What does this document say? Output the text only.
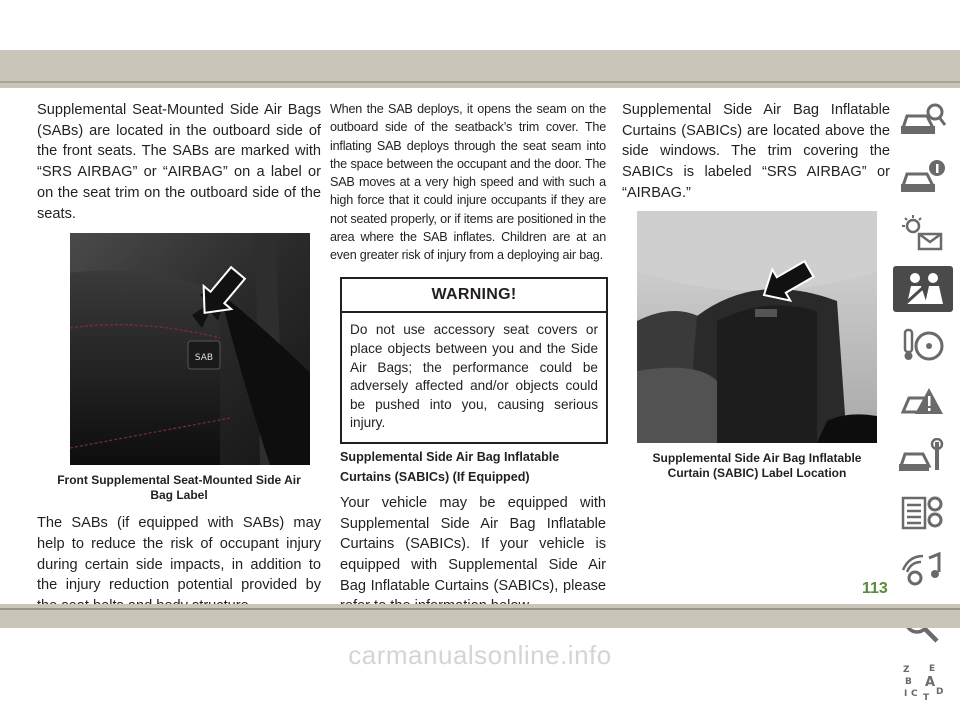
Supplemental Seat-Mounted Side Air Bags (SABs) are located in the outboard side of the front seats. The SABs are marked with “SRS AIRBAG” or “AIRBAG” on a label or on the seat trim on the outboard side of the seats.

SAB

Front Supplemental Seat-Mounted Side Air Bag Label

The SABs (if equipped with SABs) may help to reduce the risk of occupant injury during certain side impacts, in addition to the injury reduction potential provided by

When the SAB deploys, it opens the seam on the outboard side of the seatback’s trim cover. The inflating SAB deploys through the seat seam into the space between the occupant and the door. The SAB moves at a very high speed and with such a high force that it could injure occupants if they are not seated properly, or if items are positioned in the area where the SAB inflates. Children are at an even greater risk of injury from a deploying air bag.

WARNING!
Do not use accessory seat covers or place objects between you and the Side Air Bags; the performance could be adversely affected and/or objects could be pushed into you, causing serious injury.

Supplemental Side Air Bag Inflatable Curtains (SABICs) (If Equipped)

Your vehicle may be equipped with Supplemental Side Air Bag Inflatable Curtains (SABICs). If your vehicle is equipped with Supplemental Side Air Bag Inflatable Curtains (SABICs), please

Supplemental Side Air Bag Inflatable Curtains (SABICs) are located above the side windows. The trim covering the SABICs is labeled “SRS AIRBAG” or “AIRBAG.”

Supplemental Side Air Bag Inflatable Curtain (SABIC) Label Location

Z E
B A
C D
I T
113
carmanualsonline.info
